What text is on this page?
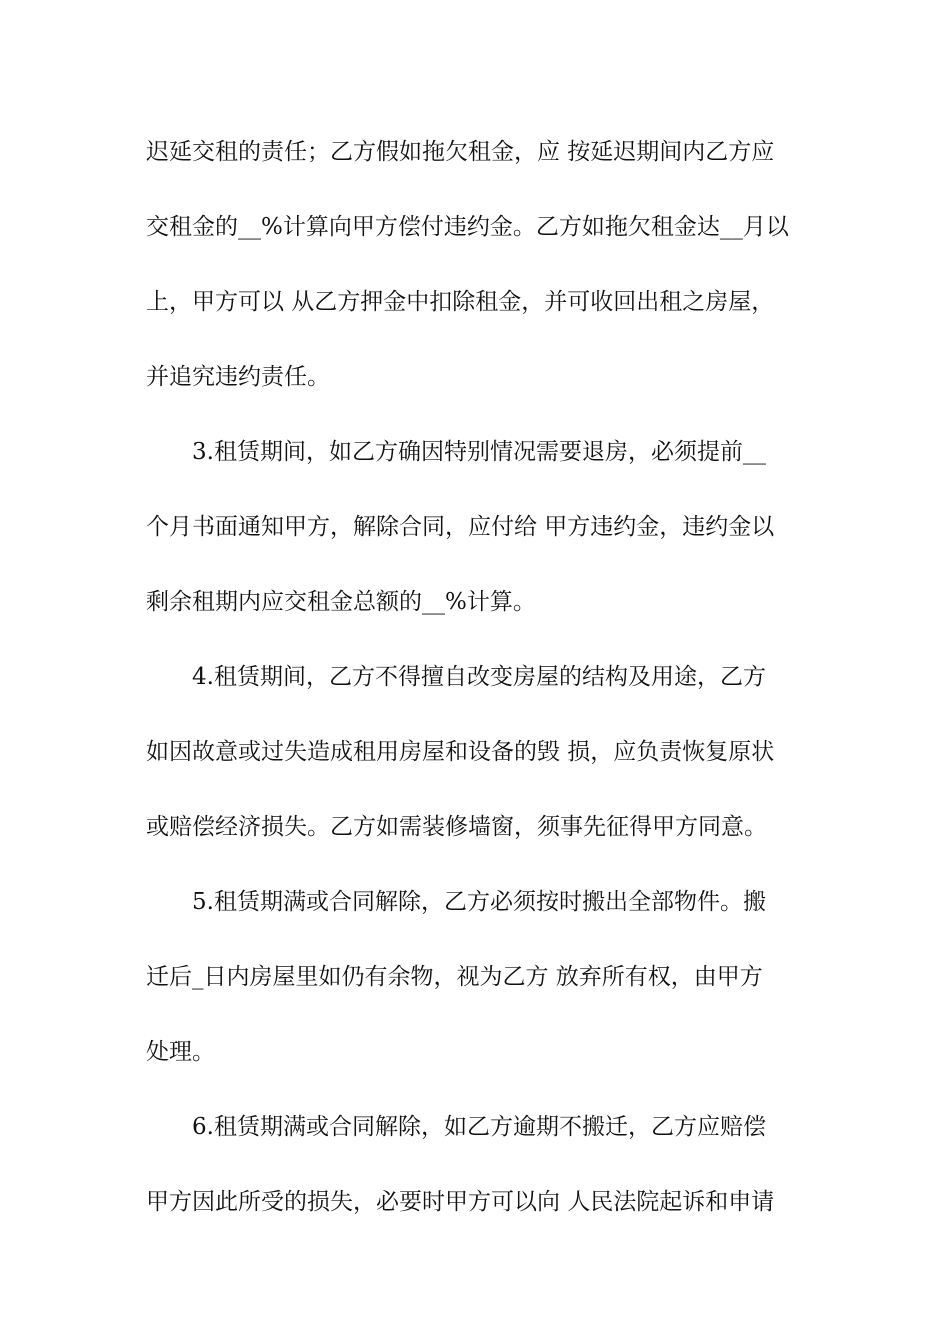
迟延交租的责任；乙方假如拖欠租金，应 按延迟期间内乙方应
交租金的__%计算向甲方偿付违约金。乙方如拖欠租金达__月以
上，甲方可以 从乙方押金中扣除租金，并可收回出租之房屋，
并追究违约责任。
3.租赁期间，如乙方确因特别情况需要退房，必须提前__
个月书面通知甲方，解除合同，应付给 甲方违约金，违约金以
剩余租期内应交租金总额的__%计算。
4.租赁期间，乙方不得擅自改变房屋的结构及用途，乙方
如因故意或过失造成租用房屋和设备的毁 损，应负责恢复原状
或赔偿经济损失。乙方如需装修墙窗，须事先征得甲方同意。
5.租赁期满或合同解除，乙方必须按时搬出全部物件。搬
迁后_日内房屋里如仍有余物，视为乙方 放弃所有权，由甲方
处理。
6.租赁期满或合同解除，如乙方逾期不搬迁，乙方应赔偿
甲方因此所受的损失，必要时甲方可以向 人民法院起诉和申请
